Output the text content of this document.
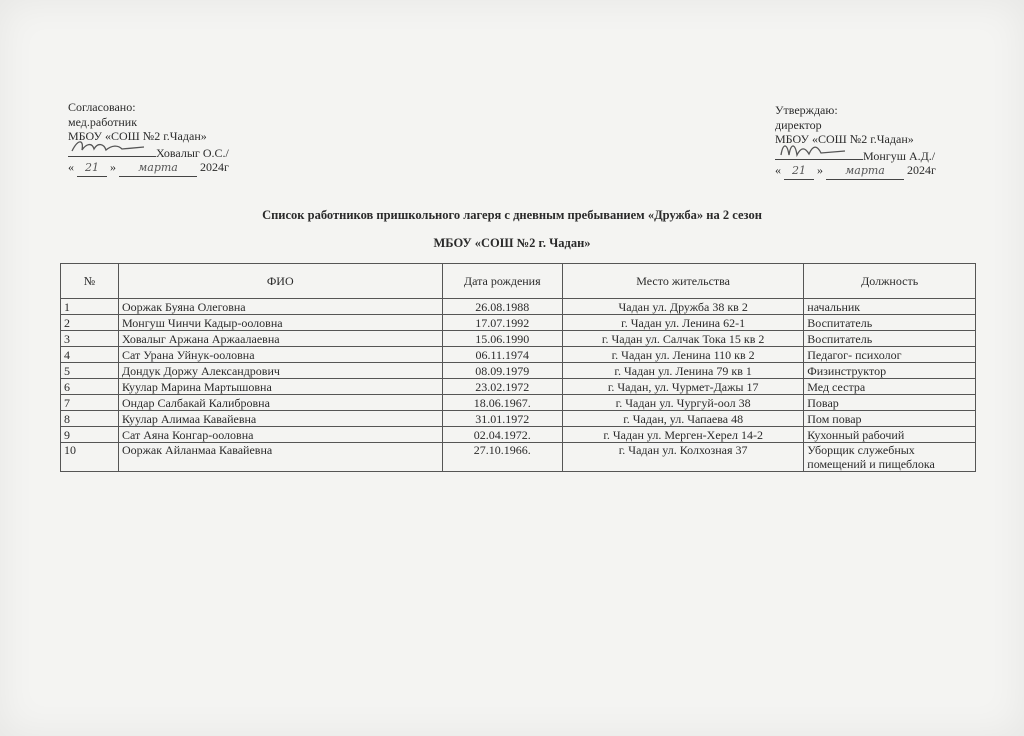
Согласовано:
мед.работник
МБОУ «СОШ №2 г.Чадан»
Ховалыг О.С./
« 21 » марта 2024г
Утверждаю:
директор
МБОУ «СОШ №2 г.Чадан»
Монгуш А.Д./
« 21 » марта 2024г
Список работников пришкольного лагеря с дневным пребыванием «Дружба» на 2 сезон
МБОУ «СОШ №2 г. Чадан»
№	ФИО	Дата рождения	Место жительства	Должность
1	Ооржак Буяна Олеговна	26.08.1988	Чадан ул. Дружба 38 кв 2	начальник
2	Монгуш Чинчи Кадыр-ооловна	17.07.1992	г. Чадан ул. Ленина 62-1	Воспитатель
3	Ховалыг Аржана Аржаалаевна	15.06.1990	г. Чадан ул. Салчак Тока 15 кв 2	Воспитатель
4	Сат Урана Уйнук-ооловна	06.11.1974	г. Чадан ул. Ленина 110 кв 2	Педагог- психолог
5	Дондук Доржу Александрович	08.09.1979	г. Чадан ул. Ленина 79 кв 1	Физинструктор
6	Куулар Марина Мартышовна	23.02.1972	г. Чадан, ул. Чурмет-Дажы 17	Мед сестра
7	Ондар Салбакай Калибровна	18.06.1967.	г. Чадан ул. Чургуй-оол 38	Повар
8	Куулар Алимаа Кавайевна	31.01.1972	г. Чадан, ул. Чапаева 48	Пом повар
9	Сат Аяна Конгар-ооловна	02.04.1972.	г. Чадан ул. Мерген-Херел 14-2	Кухонный рабочий
10	Ооржак Айланмаа Кавайевна	27.10.1966.	г. Чадан ул. Колхозная 37	Уборщик служебных помещений и пищеблока
